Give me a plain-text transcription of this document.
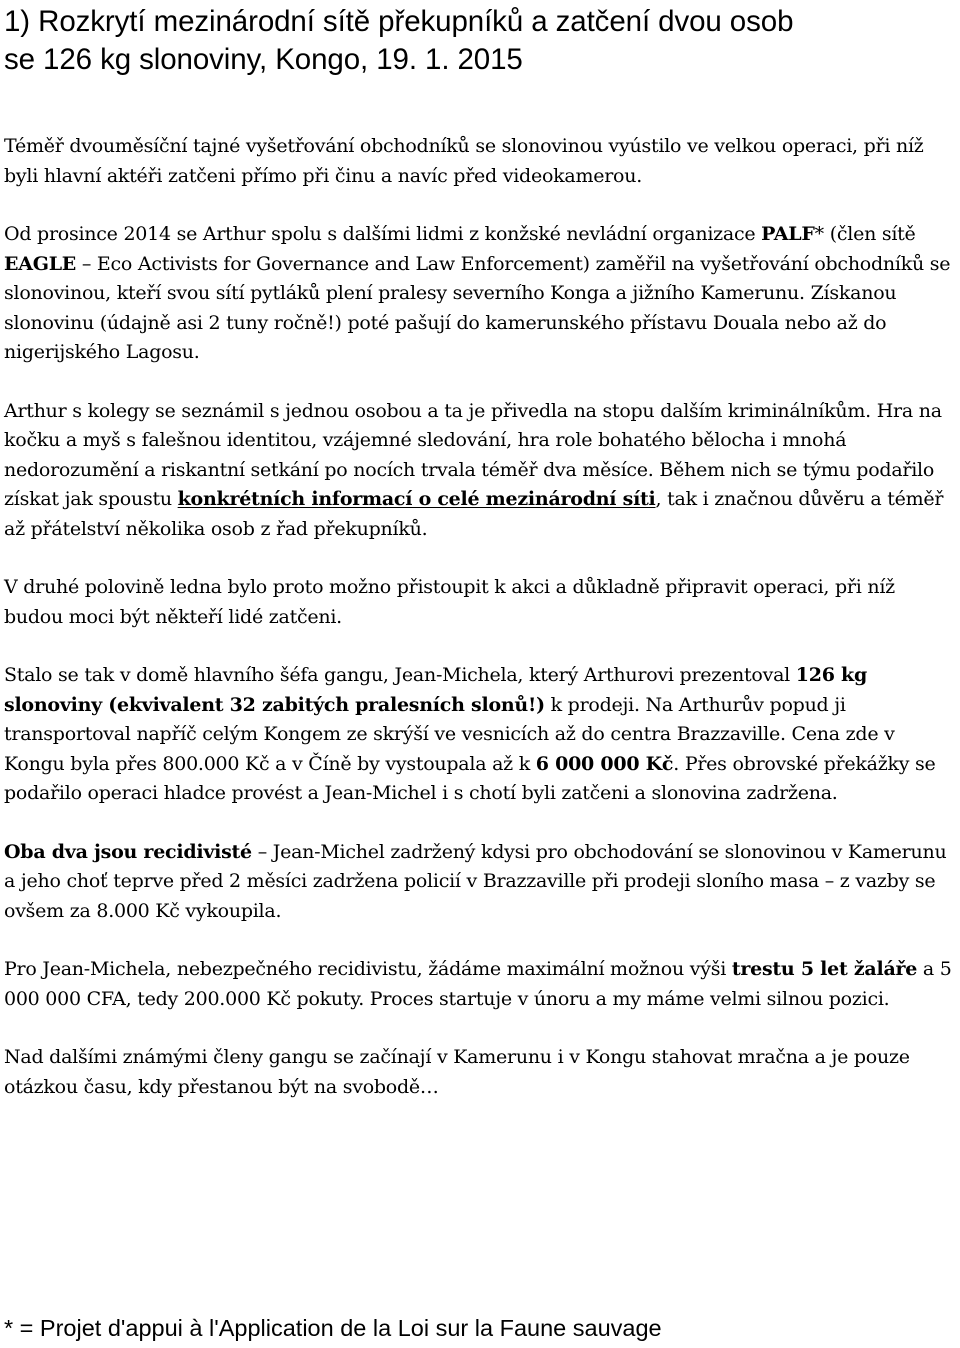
1) Rozkrytí mezinárodní sítě překupníků a zatčení dvou osob
se 126 kg slonoviny, Kongo, 19. 1. 2015

Téměř dvouměsíční tajné vyšetřování obchodníků se slonovinou vyústilo ve velkou operaci, při níž byli hlavní aktéři zatčeni přímo při činu a navíc před videokamerou.

Od prosince 2014 se Arthur spolu s dalšími lidmi z konžské nevládní organizace PALF* (člen sítě EAGLE – Eco Activists for Governance and Law Enforcement) zaměřil na vyšetřování obchodníků se slonovinou, kteří svou sítí pytláků plení pralesy severního Konga a jižního Kamerunu. Získanou slonovinu (údajně asi 2 tuny ročně!) poté pašují do kamerunského přístavu Douala nebo až do nigerijského Lagosu.

Arthur s kolegy se seznámil s jednou osobou a ta je přivedla na stopu dalším kriminálníkům. Hra na kočku a myš s falešnou identitou, vzájemné sledování, hra role bohatého bělocha i mnohá nedorozumění a riskantní setkání po nocích trvala téměř dva měsíce. Během nich se týmu podařilo získat jak spoustu konkrétních informací o celé mezinárodní síti, tak i značnou důvěru a téměř až přátelství několika osob z řad překupníků.

V druhé polovině ledna bylo proto možno přistoupit k akci a důkladně připravit operaci, při níž budou moci být někteří lidé zatčeni.

Stalo se tak v domě hlavního šéfa gangu, Jean-Michela, který Arthurovi prezentoval 126 kg slonoviny (ekvivalent 32 zabitých pralesních slonů!) k prodeji. Na Arthurův popud ji transportoval napříč celým Kongem ze skrýší ve vesnicích až do centra Brazzaville. Cena zde v Kongu byla přes 800.000 Kč a v Číně by vystoupala až k 6 000 000 Kč. Přes obrovské překážky se podařilo operaci hladce provést a Jean-Michel i s chotí byli zatčeni a slonovina zadržena.

Oba dva jsou recidivisté – Jean-Michel zadržený kdysi pro obchodování se slonovinou v Kamerunu a jeho choť teprve před 2 měsíci zadržena policií v Brazzaville při prodeji sloního masa – z vazby se ovšem za 8.000 Kč vykoupila.

Pro Jean-Michela, nebezpečného recidivistu, žádáme maximální možnou výši trestu 5 let žaláře a 5 000 000 CFA, tedy 200.000 Kč pokuty. Proces startuje v únoru a my máme velmi silnou pozici.

Nad dalšími známými členy gangu se začínají v Kamerunu i v Kongu stahovat mračna a je pouze otázkou času, kdy přestanou být na svobodě…

* = Projet d'appui à l'Application de la Loi sur la Faune sauvage
